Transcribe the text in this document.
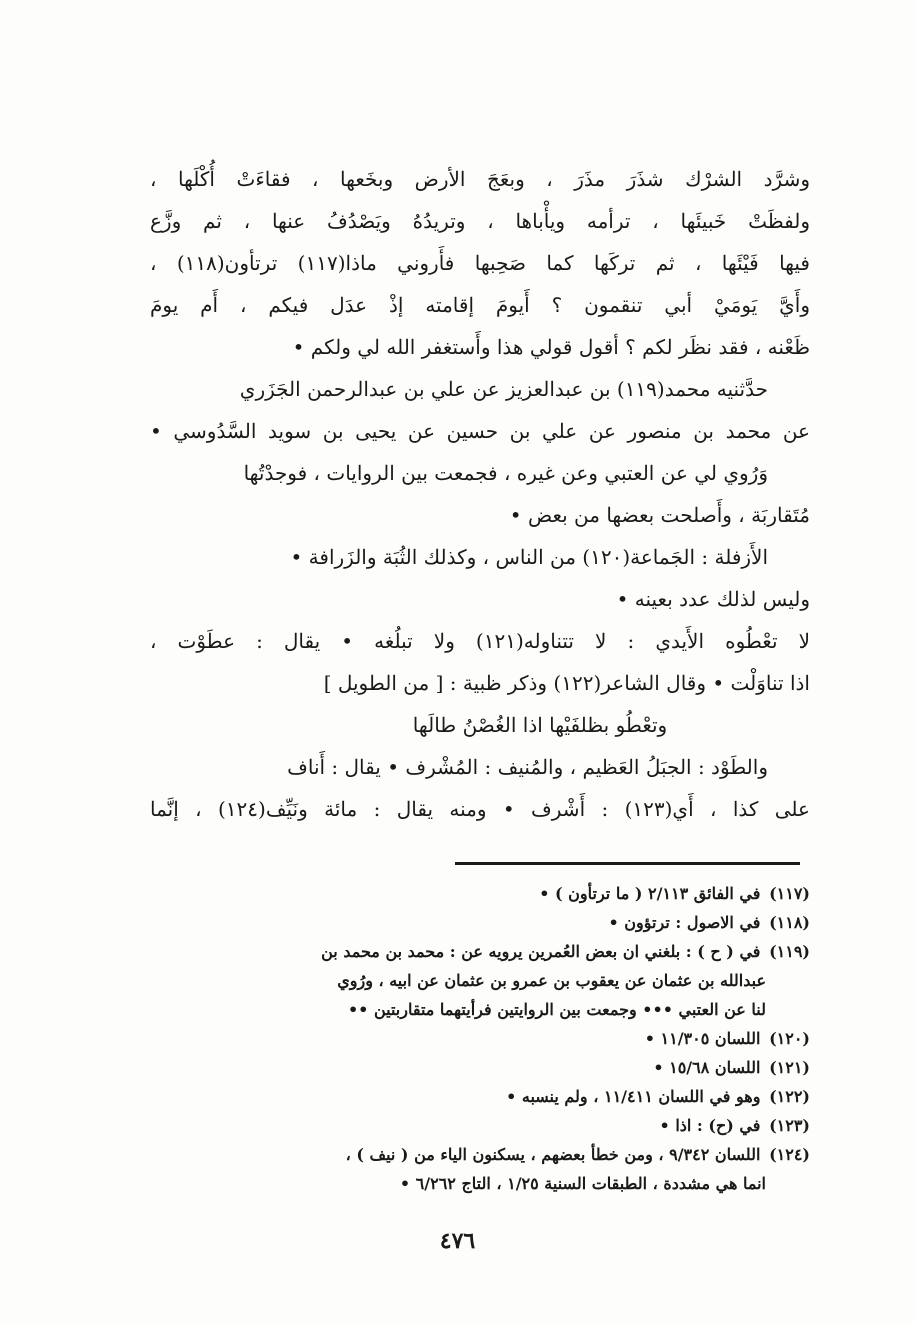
وشرَّد الشرْك شذَرَ مذَرَ ، وبعَجَ الأرض وبخَعها ، فقاءَتْ أُكْلَها ،
ولفظَتْ خَبيئَها ، ترأمه ويأْباها ، وتريدُهُ ويَصْدُفُ عنها ، ثم وزَّع
فيها فَيْئَها ، ثم تركَها كما صَحِبها فأَروني ماذا(١١٧) ترتأون(١١٨) ،
وأَيَّ يَومَيْ أبي تنقمون ؟ أَيومَ إقامته إذْ عدَل فيكم ، أَم يومَ
ظَعْنه ، فقد نظَر لكم ؟ أقول قولي هذا وأَستغفر الله لي ولكم •
حدَّثنيه محمد(١١٩) بن عبدالعزيز عن علي بن عبدالرحمن الجَزَري
عن محمد بن منصور عن علي بن حسين عن يحيى بن سويد السَّدُوسي •
وَرُوي لي عن العتبي وعن غيره ، فجمعت بين الروايات ، فوجدْتُها
مُتَقاربَة ، وأَصلحت بعضها من بعض •
الأَزفلة : الجَماعة(١٢٠) من الناس ، وكذلك الثُبَة والزَرافة •
وليس لذلك عدد بعينه •
لا تعْطُوه الأَيدي : لا تتناوله(١٢١) ولا تبلُغه • يقال : عطَوْت ،
اذا تناوَلْت • وقال الشاعر(١٢٢) وذكر ظبية : [ من الطويل ]
وتعْطُو بظلفَيْها اذا الغُصْنُ طالَها
والطَوْد : الجبَلُ العَظيم ، والمُنيف : المُشْرف • يقال : أَناف
على كذا ، أَي(١٢٣) : أَشْرف • ومنه يقال : مائة ونَيِّف(١٢٤) ، إنَّما
(١١٧) في الفائق ٢/١١٣ ( ما ترتأون ) •
(١١٨) في الاصول : ترتؤون •
(١١٩) في ( ح ) : بلغني ان بعض العُمرين يرويه عن : محمد بن محمد بن
عبدالله بن عثمان عن يعقوب بن عمرو بن عثمان عن ابيه ، ورُوي
لنا عن العتبي ••• وجمعت بين الروايتين فرأيتهما متقاربتين ••
(١٢٠) اللسان ١١/٣٠٥ •
(١٢١) اللسان ١٥/٦٨ •
(١٢٢) وهو في اللسان ١١/٤١١ ، ولم ينسبه •
(١٢٣) في (ح) : اذا •
(١٢٤) اللسان ٩/٣٤٢ ، ومن خطأ بعضهم ، يسكنون الياء من ( نيف ) ،
انما هي مشددة ، الطبقات السنية ١/٢٥ ، التاج ٦/٢٦٢ •
٤٧٦
